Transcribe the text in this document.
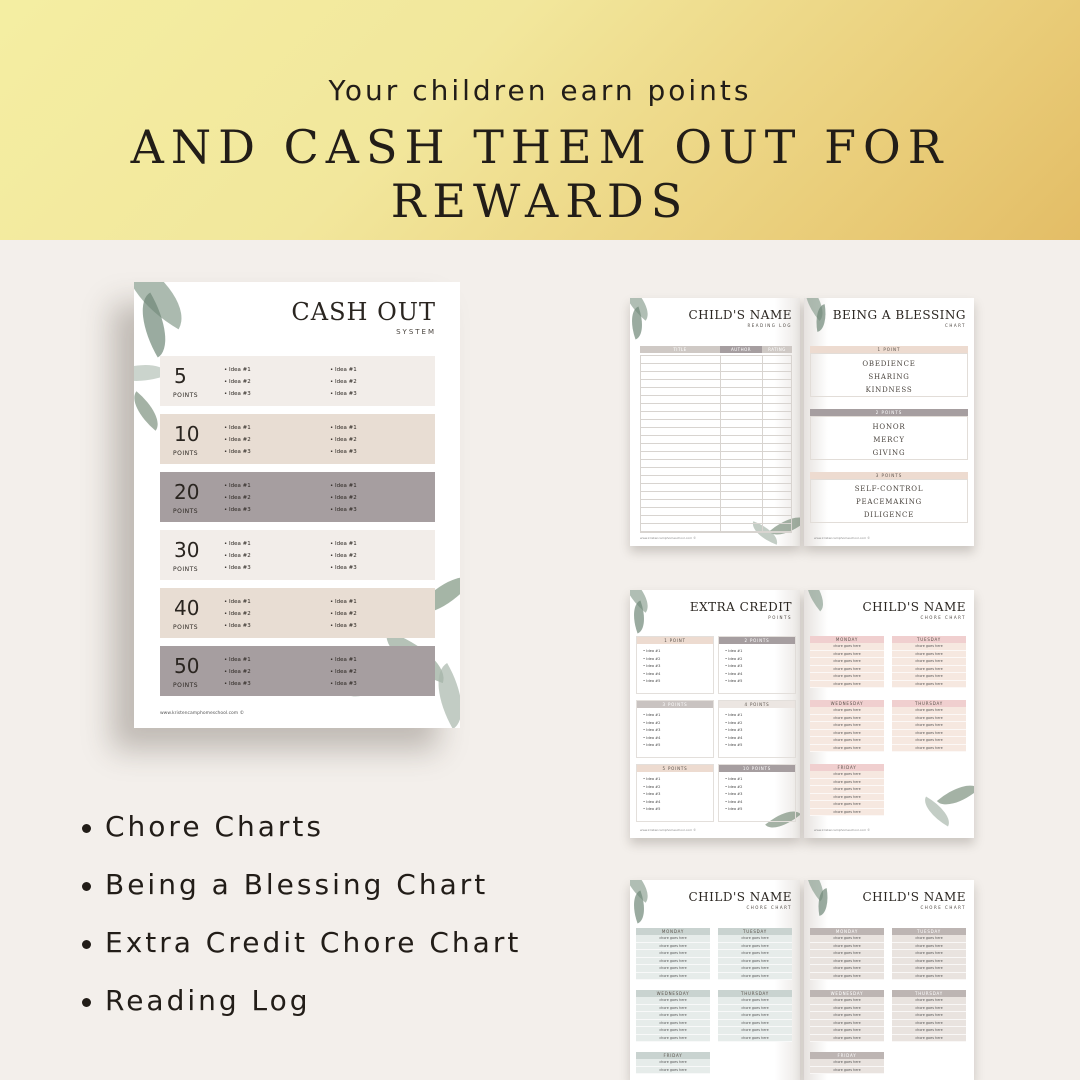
Your children earn points
AND CASH THEM OUT FOR REWARDS
CASH OUT
SYSTEM
5
POINTS
• Idea #1
• Idea #2
• Idea #3
• Idea #1
• Idea #2
• Idea #3
10
POINTS
• Idea #1
• Idea #2
• Idea #3
• Idea #1
• Idea #2
• Idea #3
20
POINTS
• Idea #1
• Idea #2
• Idea #3
• Idea #1
• Idea #2
• Idea #3
30
POINTS
• Idea #1
• Idea #2
• Idea #3
• Idea #1
• Idea #2
• Idea #3
40
POINTS
• Idea #1
• Idea #2
• Idea #3
• Idea #1
• Idea #2
• Idea #3
50
POINTS
• Idea #1
• Idea #2
• Idea #3
• Idea #1
• Idea #2
• Idea #3
www.kristencamphomeschool.com ©
CHILD'S NAME
READING LOG
TITLE	AUTHOR	RATING
www.kristencamphomeschool.com ©
BEING A BLESSING
CHART
1 POINT
OBEDIENCE
SHARING
KINDNESS
2 POINTS
HONOR
MERCY
GIVING
3 POINTS
SELF-CONTROL
PEACEMAKING
DILIGENCE
www.kristencamphomeschool.com ©
EXTRA CREDIT
POINTS
1 POINT
• Idea #1
• Idea #2
• Idea #3
• Idea #4
• Idea #5
2 POINTS
• Idea #1
• Idea #2
• Idea #3
• Idea #4
• Idea #5
3 POINTS
• Idea #1
• Idea #2
• Idea #3
• Idea #4
• Idea #5
4 POINTS
• Idea #1
• Idea #2
• Idea #3
• Idea #4
• Idea #5
5 POINTS
• Idea #1
• Idea #2
• Idea #3
• Idea #4
• Idea #5
10 POINTS
• Idea #1
• Idea #2
• Idea #3
• Idea #4
• Idea #5
www.kristencamphomeschool.com ©
CHILD'S NAME
CHORE CHART
MONDAY
chore goes here
chore goes here
chore goes here
chore goes here
chore goes here
chore goes here
TUESDAY
chore goes here
chore goes here
chore goes here
chore goes here
chore goes here
chore goes here
WEDNESDAY
chore goes here
chore goes here
chore goes here
chore goes here
chore goes here
chore goes here
THURSDAY
chore goes here
chore goes here
chore goes here
chore goes here
chore goes here
chore goes here
FRIDAY
chore goes here
chore goes here
chore goes here
chore goes here
chore goes here
chore goes here
www.kristencamphomeschool.com ©
CHILD'S NAME
CHORE CHART
MONDAY
chore goes here
chore goes here
chore goes here
chore goes here
chore goes here
chore goes here
TUESDAY
chore goes here
chore goes here
chore goes here
chore goes here
chore goes here
chore goes here
WEDNESDAY
chore goes here
chore goes here
chore goes here
chore goes here
chore goes here
chore goes here
THURSDAY
chore goes here
chore goes here
chore goes here
chore goes here
chore goes here
chore goes here
FRIDAY
chore goes here
chore goes here
CHILD'S NAME
CHORE CHART
MONDAY
chore goes here
chore goes here
chore goes here
chore goes here
chore goes here
chore goes here
TUESDAY
chore goes here
chore goes here
chore goes here
chore goes here
chore goes here
chore goes here
WEDNESDAY
chore goes here
chore goes here
chore goes here
chore goes here
chore goes here
chore goes here
THURSDAY
chore goes here
chore goes here
chore goes here
chore goes here
chore goes here
chore goes here
FRIDAY
chore goes here
chore goes here
Chore Charts
Being a Blessing Chart
Extra Credit Chore Chart
Reading Log
